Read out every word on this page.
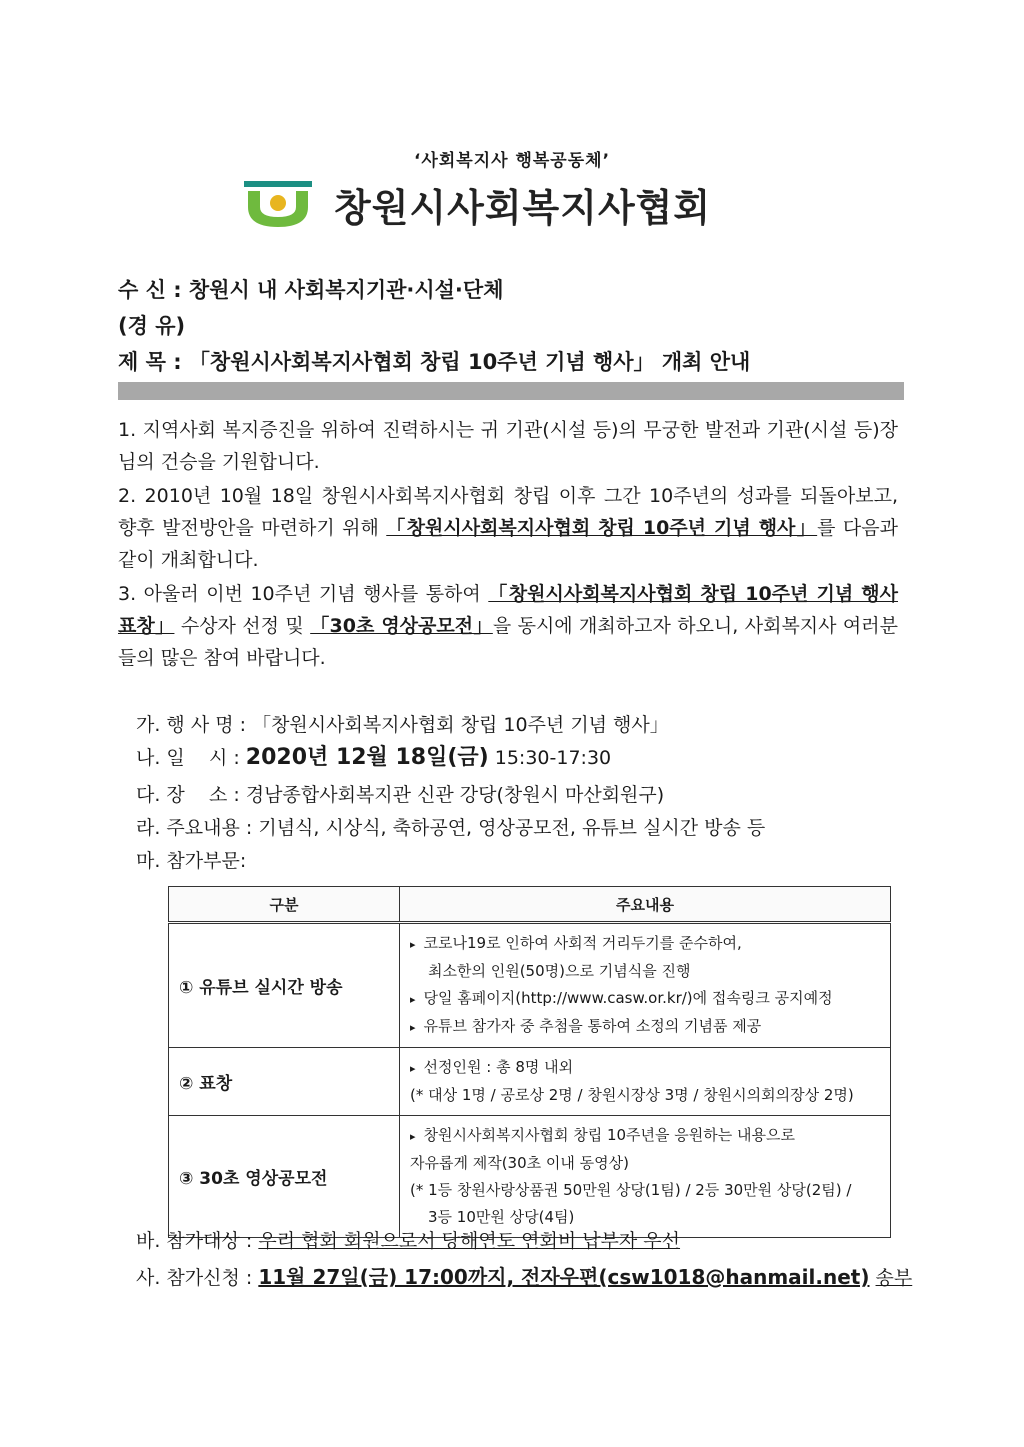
‘사회복지사 행복공동체’
창원시사회복지사협회
수 신 : 창원시 내 사회복지기관·시설·단체
(경 유)
제 목 : 「창원시사회복지사협회 창립 10주년 기념 행사」 개최 안내
1. 지역사회 복지증진을 위하여 진력하시는 귀 기관(시설 등)의 무궁한 발전과 기관(시설 등)장님의 건승을 기원합니다.
2. 2010년 10월 18일 창원시사회복지사협회 창립 이후 그간 10주년의 성과를 되돌아보고, 향후 발전방안을 마련하기 위해 「창원시사회복지사협회 창립 10주년 기념 행사」를 다음과 같이 개최합니다.
3. 아울러 이번 10주년 기념 행사를 통하여 「창원시사회복지사협회 창립 10주년 기념 행사 표창」 수상자 선정 및 「30초 영상공모전」을 동시에 개최하고자 하오니, 사회복지사 여러분들의 많은 참여 바랍니다.
가. 행 사 명 : 「창원시사회복지사협회 창립 10주년 기념 행사」
나. 일    시 : 2020년 12월 18일(금) 15:30-17:30
다. 장    소 : 경남종합사회복지관 신관 강당(창원시 마산회원구)
라. 주요내용 : 기념식, 시상식, 축하공연, 영상공모전, 유튜브 실시간 방송 등
마. 참가부문:
구분	주요내용
① 유튜브 실시간 방송	▸ 코로나19로 인하여 사회적 거리두기를 준수하여,
최소한의 인원(50명)으로 기념식을 진행
▸ 당일 홈페이지(http://www.casw.or.kr/)에 접속링크 공지예정
▸ 유튜브 참가자 중 추첨을 통하여 소정의 기념품 제공

② 표창	▸ 선정인원 : 총 8명 내외
(* 대상 1명 / 공로상 2명 / 창원시장상 3명 / 창원시의회의장상 2명)

③ 30초 영상공모전	▸ 창원시사회복지사협회 창립 10주년을 응원하는 내용으로
자유롭게 제작(30초 이내 동영상)
(* 1등 창원사랑상품권 50만원 상당(1팀) / 2등 30만원 상당(2팀) /
3등 10만원 상당(4팀)
바. 참가대상 : 우리 협회 회원으로서 당해연도 연회비 납부자 우선
사. 참가신청 : 11월 27일(금) 17:00까지, 전자우편(csw1018@hanmail.net) 송부
